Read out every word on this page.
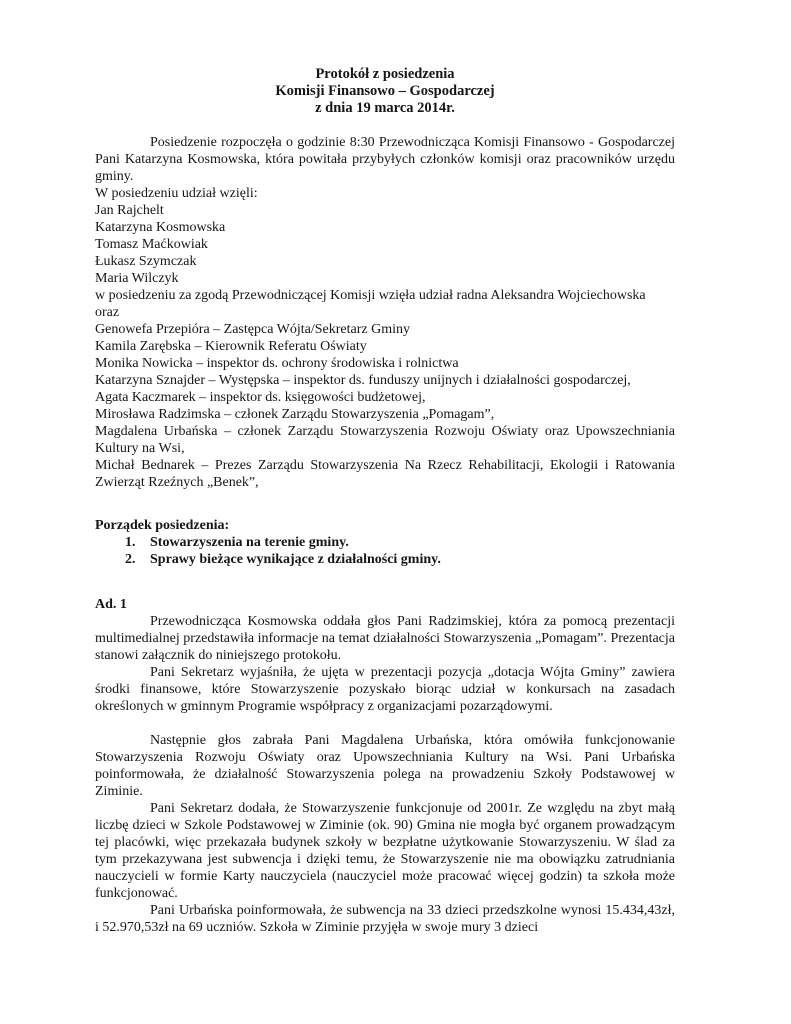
Protokół z posiedzenia
Komisji Finansowo – Gospodarczej
z dnia 19 marca 2014r.

Posiedzenie rozpoczęła o godzinie 8:30 Przewodnicząca Komisji Finansowo - Gospodarczej Pani Katarzyna Kosmowska, która powitała przybyłych członków komisji oraz pracowników urzędu gminy.

W posiedzeniu udział wzięli:
Jan Rajchelt
Katarzyna Kosmowska
Tomasz Maćkowiak
Łukasz Szymczak
Maria Wilczyk
w posiedzeniu za zgodą Przewodniczącej Komisji wzięła udział radna Aleksandra Wojciechowska
oraz
Genowefa Przepióra – Zastępca Wójta/Sekretarz Gminy
Kamila Zarębska – Kierownik Referatu Oświaty
Monika Nowicka – inspektor ds. ochrony środowiska i rolnictwa
Katarzyna Sznajder – Występska – inspektor ds. funduszy unijnych i działalności gospodarczej,
Agata Kaczmarek – inspektor ds. księgowości budżetowej,
Mirosława Radzimska – członek Zarządu Stowarzyszenia „Pomagam”,
Magdalena Urbańska – członek Zarządu Stowarzyszenia Rozwoju Oświaty oraz Upowszechniania Kultury na Wsi,
Michał Bednarek – Prezes Zarządu Stowarzyszenia Na Rzecz Rehabilitacji, Ekologii i Ratowania Zwierząt Rzeźnych „Benek”,
Porządek posiedzenia:
1. Stowarzyszenia na terenie gminy.
2. Sprawy bieżące wynikające z działalności gminy.
Ad. 1

Przewodnicząca Kosmowska oddała głos Pani Radzimskiej, która za pomocą prezentacji multimedialnej przedstawiła informacje na temat działalności Stowarzyszenia „Pomagam”. Prezentacja stanowi załącznik do niniejszego protokołu.

Pani Sekretarz wyjaśniła, że ujęta w prezentacji pozycja „dotacja Wójta Gminy” zawiera środki finansowe, które Stowarzyszenie pozyskało biorąc udział w konkursach na zasadach określonych w gminnym Programie współpracy z organizacjami pozarządowymi.

Następnie głos zabrała Pani Magdalena Urbańska, która omówiła funkcjonowanie Stowarzyszenia Rozwoju Oświaty oraz Upowszechniania Kultury na Wsi. Pani Urbańska poinformowała, że działalność Stowarzyszenia polega na prowadzeniu Szkoły Podstawowej w Ziminie.

Pani Sekretarz dodała, że Stowarzyszenie funkcjonuje od 2001r. Ze względu na zbyt małą liczbę dzieci w Szkole Podstawowej w Ziminie (ok. 90) Gmina nie mogła być organem prowadzącym tej placówki, więc przekazała budynek szkoły w bezpłatne użytkowanie Stowarzyszeniu. W ślad za tym przekazywana jest subwencja i dzięki temu, że Stowarzyszenie nie ma obowiązku zatrudniania nauczycieli w formie Karty nauczyciela (nauczyciel może pracować więcej godzin) ta szkoła może funkcjonować.

Pani Urbańska poinformowała, że subwencja na 33 dzieci przedszkolne wynosi 15.434,43zł, i 52.970,53zł na 69 uczniów. Szkoła w Ziminie przyjęła w swoje mury 3 dzieci
